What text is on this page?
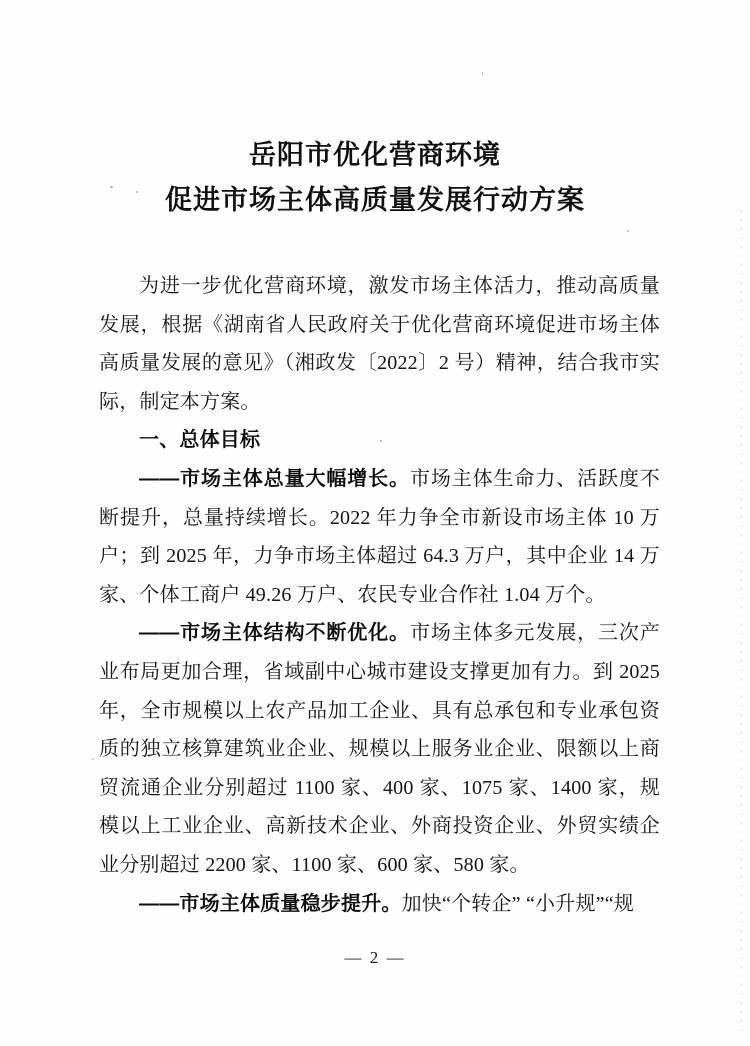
岳阳市优化营商环境
促进市场主体高质量发展行动方案

为进一步优化营商环境，激发市场主体活力，推动高质量发展，根据《湖南省人民政府关于优化营商环境促进市场主体高质量发展的意见》（湘政发〔2022〕2 号）精神，结合我市实际，制定本方案。

一、总体目标

——市场主体总量大幅增长。市场主体生命力、活跃度不断提升，总量持续增长。2022 年力争全市新设市场主体 10 万户；到 2025 年，力争市场主体超过 64.3 万户，其中企业 14 万家、个体工商户 49.26 万户、农民专业合作社 1.04 万个。

——市场主体结构不断优化。市场主体多元发展，三次产业布局更加合理，省域副中心城市建设支撑更加有力。到 2025 年，全市规模以上农产品加工企业、具有总承包和专业承包资质的独立核算建筑业企业、规模以上服务业企业、限额以上商贸流通企业分别超过 1100 家、400 家、1075 家、1400 家，规模以上工业企业、高新技术企业、外商投资企业、外贸实绩企业分别超过 2200 家、1100 家、600 家、580 家。

——市场主体质量稳步提升。加快“个转企” “小升规”“规

— 2 —
